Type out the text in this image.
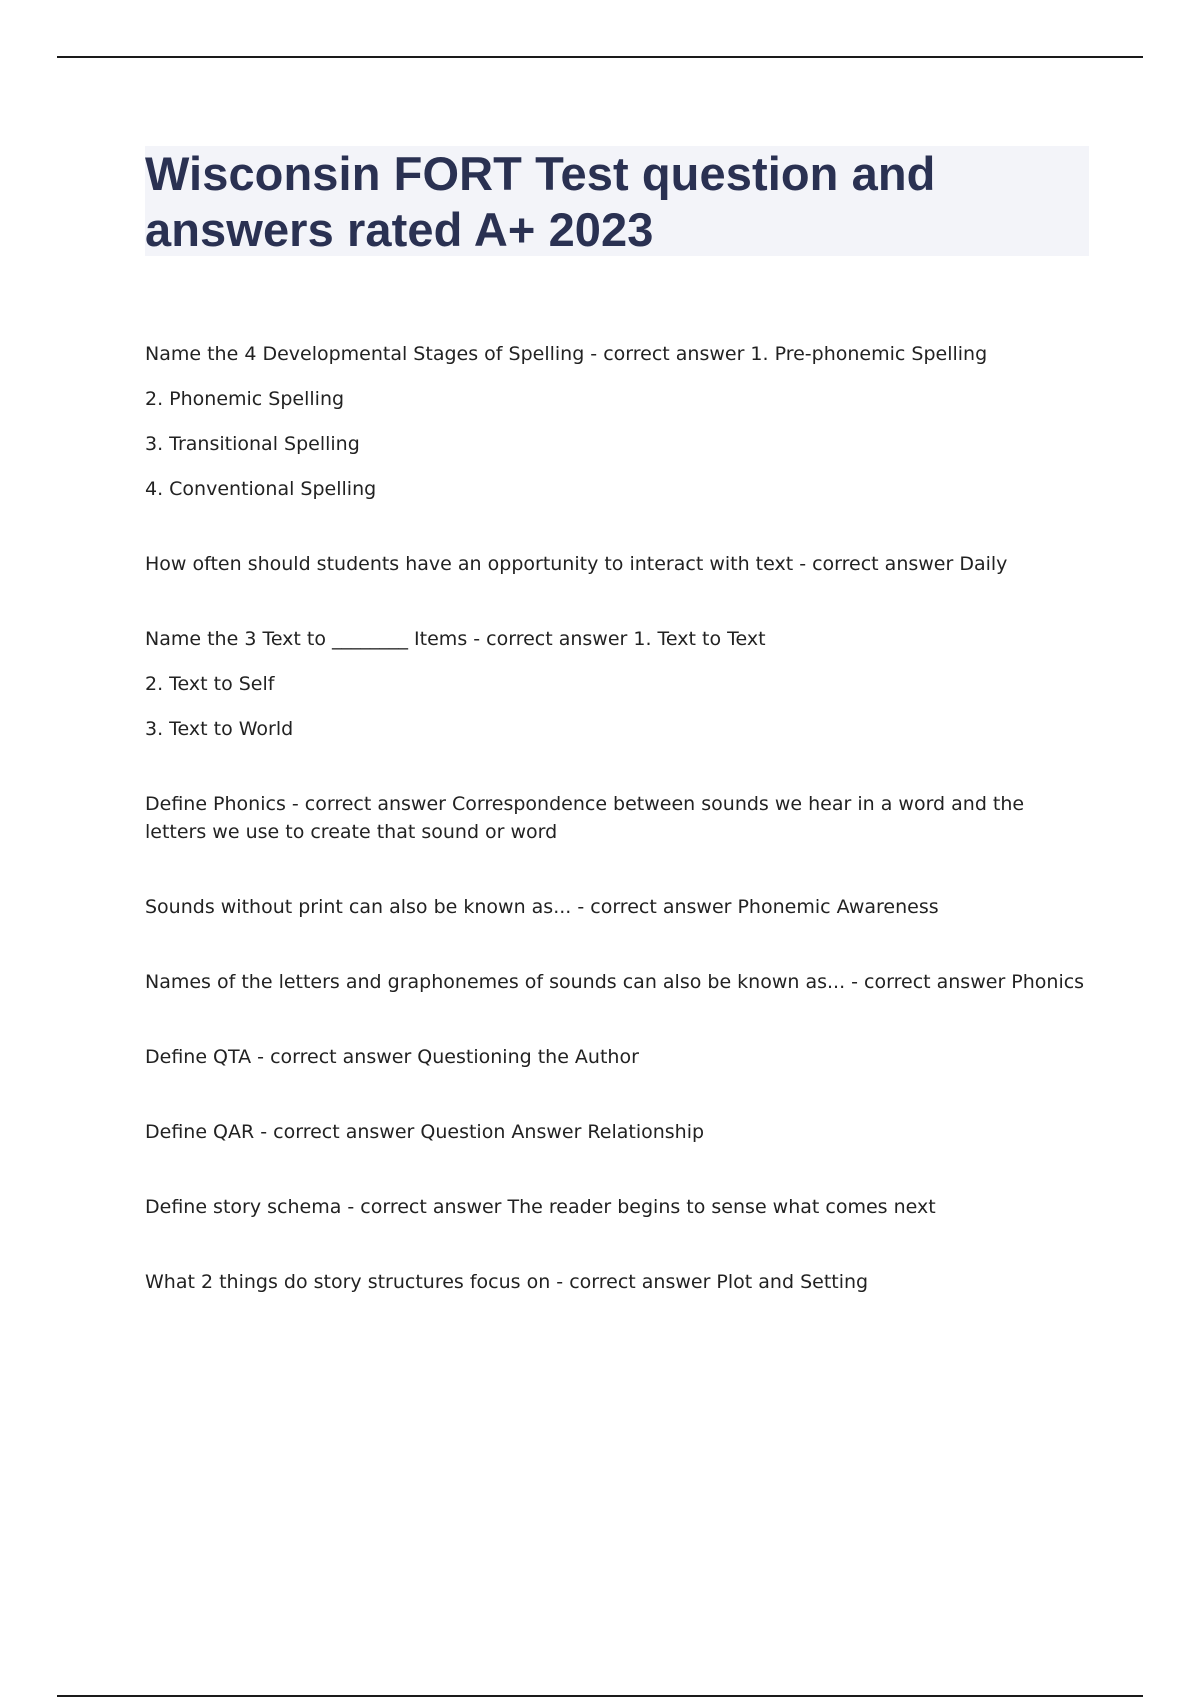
Wisconsin FORT Test question and answers rated A+ 2023

Name the 4 Developmental Stages of Spelling - correct answer 1. Pre-phonemic Spelling

2. Phonemic Spelling

3. Transitional Spelling

4. Conventional Spelling

How often should students have an opportunity to interact with text - correct answer Daily

Name the 3 Text to ________ Items - correct answer 1. Text to Text

2. Text to Self

3. Text to World

Define Phonics - correct answer Correspondence between sounds we hear in a word and the letters we use to create that sound or word

Sounds without print can also be known as... - correct answer Phonemic Awareness

Names of the letters and graphonemes of sounds can also be known as... - correct answer Phonics

Define QTA - correct answer Questioning the Author

Define QAR - correct answer Question Answer Relationship

Define story schema - correct answer The reader begins to sense what comes next

What 2 things do story structures focus on - correct answer Plot and Setting
